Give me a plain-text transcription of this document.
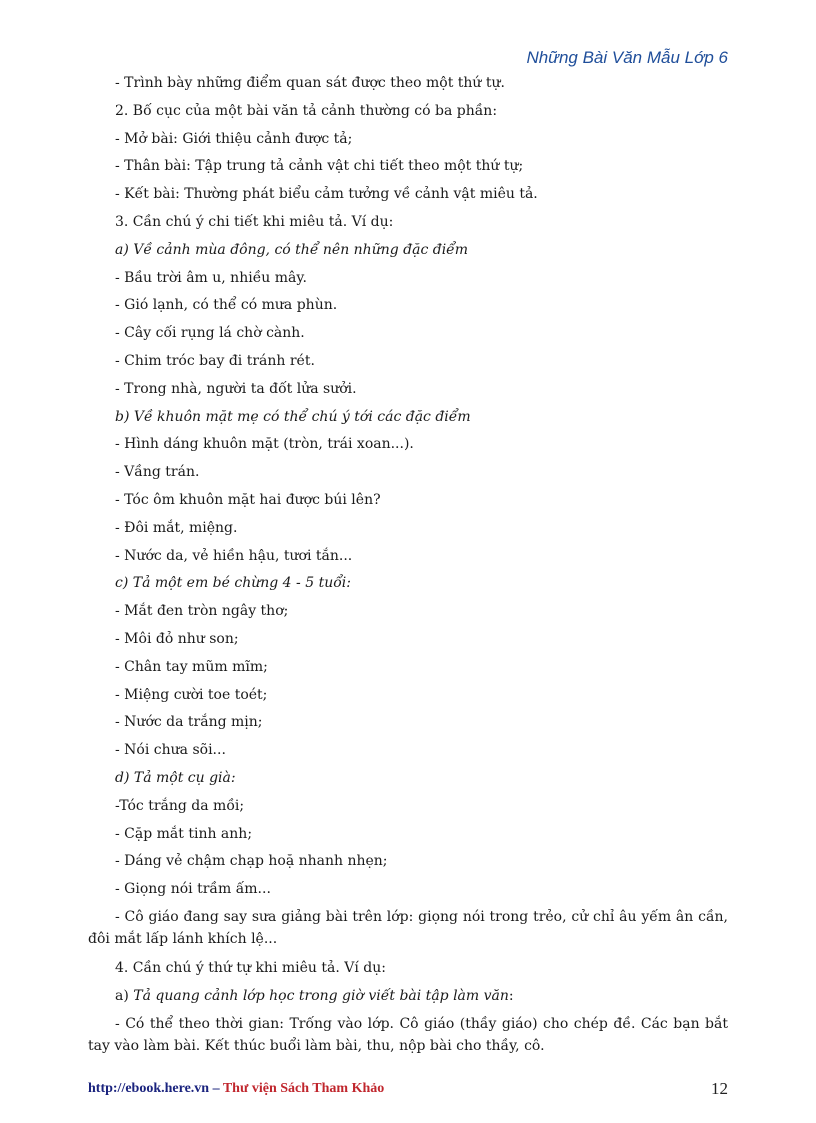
Những Bài Văn Mẫu Lớp 6
- Trình bày những điểm quan sát được theo một thứ tự.
2. Bố cục của một bài văn tả cảnh thường có ba phần:
- Mở bài: Giới thiệu cảnh được tả;
- Thân bài: Tập trung tả cảnh vật chi tiết theo một thứ tự;
- Kết bài: Thường phát biểu cảm tưởng về cảnh vật miêu tả.
3. Cần chú ý chi tiết khi miêu tả. Ví dụ:
a) Về cảnh mùa đông, có thể nên những đặc điểm
- Bầu trời âm u, nhiều mây.
- Gió lạnh, có thể có mưa phùn.
- Cây cối rụng lá chờ cành.
- Chim tróc bay đi tránh rét.
- Trong nhà, người ta đốt lửa sưởi.
b) Về khuôn mặt mẹ có thể chú ý tới các đặc điểm
- Hình dáng khuôn mặt (tròn, trái xoan...).
- Vầng trán.
- Tóc ôm khuôn mặt hai được búi lên?
- Đôi mắt, miệng.
- Nước da, vẻ hiền hậu, tươi tắn...
c) Tả một em bé chừng 4 - 5 tuổi:
- Mắt đen tròn ngây thơ;
- Môi đỏ như son;
- Chân tay mũm mĩm;
- Miệng cười toe toét;
- Nước da trắng mịn;
- Nói chưa sõi...
d) Tả một cụ già:
-Tóc trắng da mồi;
- Cặp mắt tinh anh;
- Dáng vẻ chậm chạp hoặ nhanh nhẹn;
- Giọng nói trầm ấm...

- Cô giáo đang say sưa giảng bài trên lớp: giọng nói trong trẻo, cử chỉ âu yếm ân cần, đôi mắt lấp lánh khích lệ...

4. Cần chú ý thứ tự khi miêu tả. Ví dụ:
a) Tả quang cảnh lớp học trong giờ viết bài tập làm văn:

- Có thể theo thời gian: Trống vào lớp. Cô giáo (thầy giáo) cho chép đề. Các bạn bắt tay vào làm bài. Kết thúc buổi làm bài, thu, nộp bài cho thầy, cô.

http://ebook.here.vn – Thư viện Sách Tham Khảo	12
